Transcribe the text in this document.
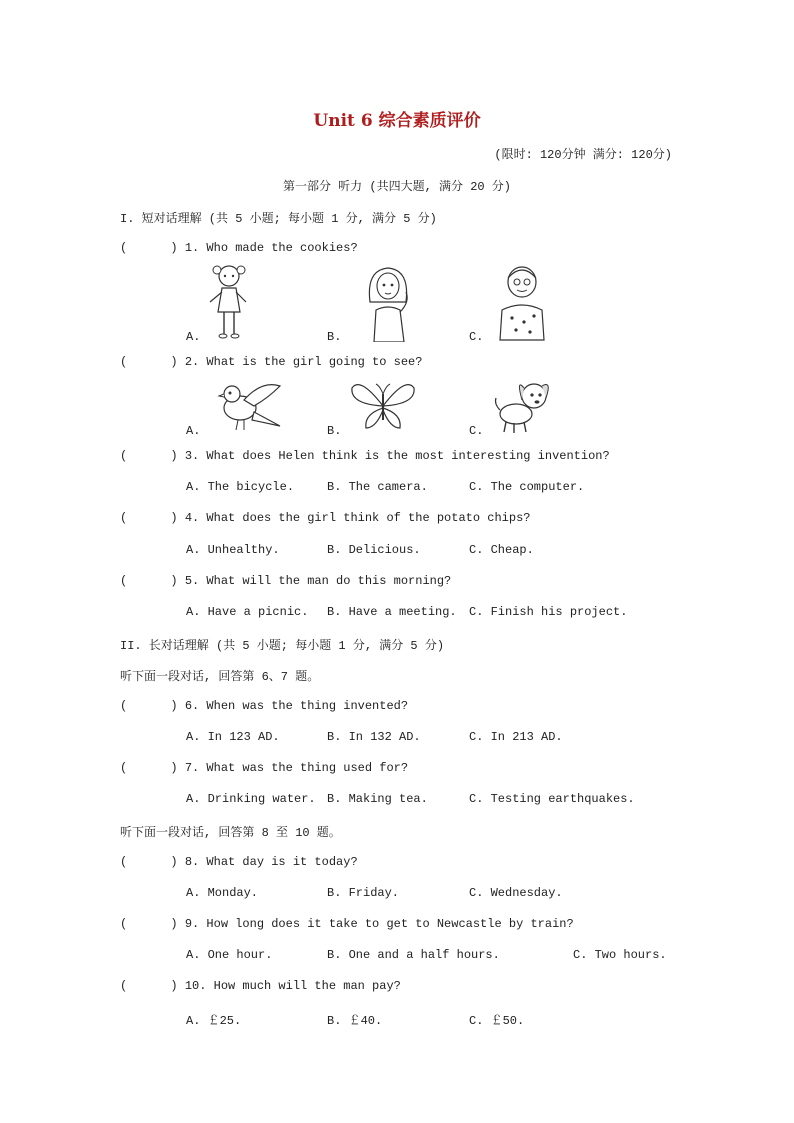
Unit 6 综合素质评价
(限时: 120分钟 满分: 120分)
第一部分 听力 (共四大题, 满分 20 分)
I. 短对话理解 (共 5 小题; 每小题 1 分, 满分 5 分)
(      ) 1. Who made the cookies?
A.	B.	C.
(      ) 2. What is the girl going to see?
A.	B.	C.
(      ) 3. What does Helen think is the most interesting invention?
A. The bicycle.	B. The camera.	C. The computer.
(      ) 4. What does the girl think of the potato chips?
A. Unhealthy.	B. Delicious.	C. Cheap.
(      ) 5. What will the man do this morning?
A. Have a picnic. B. Have a meeting. C. Finish his project.
II. 长对话理解 (共 5 小题; 每小题 1 分, 满分 5 分)
听下面一段对话, 回答第 6、7 题。
(      ) 6. When was the thing invented?
A. In 123 AD.	B. In 132 AD.	C. In 213 AD.
(      ) 7. What was the thing used for?
A. Drinking water. B. Making tea.	C. Testing earthquakes.
听下面一段对话, 回答第 8 至 10 题。
(      ) 8. What day is it today?
A. Monday.	B. Friday.	C. Wednesday.
(      ) 9. How long does it take to get to Newcastle by train?
A. One hour.	B. One and a half hours.	C. Two hours.
(      ) 10. How much will the man pay?
A. ￡25.	B. ￡40.	C. ￡50.
